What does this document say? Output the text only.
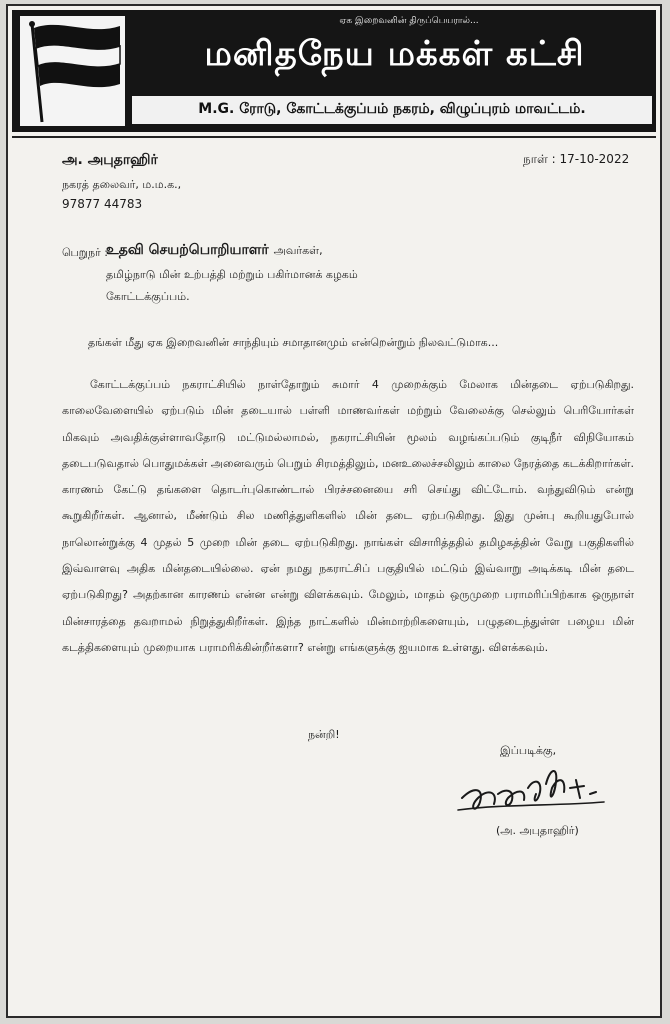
ஏக இறைவனின் திருப்பெயரால்...
மனிதநேய மக்கள் கட்சி
M.G. ரோடு, கோட்டக்குப்பம் நகரம், விழுப்புரம் மாவட்டம்.
அ. அபுதாஹிர்
நகரத் தலைவர், ம.ம.க.,
97877 44783
நாள் : 17-10-2022
பெறுநர் :
உதவி செயற்பொறியாளர் அவர்கள்,
தமிழ்நாடு மின் உற்பத்தி மற்றும் பகிர்மானக் கழகம்
கோட்டக்குப்பம்.
தங்கள் மீது ஏக இறைவனின் சாந்தியும் சமாதானமும் என்றென்றும் நிலவட்டுமாக...
கோட்டக்குப்பம் நகராட்சியில் நாள்தோறும் சுமார் 4 முறைக்கும் மேலாக மின்தடை ஏற்படுகிறது. காலைவேளையில் ஏற்படும் மின் தடையால் பள்ளி மாணவர்கள் மற்றும் வேலைக்கு செல்லும் பெரியோர்கள் மிகவும் அவதிக்குள்ளாவதோடு மட்டுமல்லாமல், நகராட்சியின் மூலம் வழங்கப்படும் குடிநீர் விநியோகம் தடைபடுவதால் பொதுமக்கள் அனைவரும் பெறும் சிரமத்திலும், மனஉலைச்சலிலும் காலை நேரத்தை கடக்கிறார்கள். காரணம் கேட்டு தங்களை தொடர்புகொண்டால் பிரச்சனையை சரி செய்து விட்டோம். வந்துவிடும் என்று கூறுகிறீர்கள். ஆனால், மீண்டும் சில மணித்துளிகளில் மின் தடை ஏற்படுகிறது. இது முன்பு கூறியதுபோல் நாலொன்றுக்கு 4 முதல் 5 முறை மின் தடை ஏற்படுகிறது. நாங்கள் விசாரித்ததில் தமிழகத்தின் வேறு பகுதிகளில் இவ்வாளவு அதிக மின்தடையில்லை. ஏன் நமது நகராட்சிப் பகுதியில் மட்டும் இவ்வாறு அடிக்கடி மின் தடை ஏற்படுகிறது? அதற்கான காரணம் என்ன என்று விளக்கவும். மேலும், மாதம் ஒருமுறை பராமரிப்பிற்காக ஒருநாள் மின்சாரத்தை தவறாமல் நிறுத்துகிறீர்கள். இந்த நாட்களில் மின்மாற்றிகளையும், பழுதடைந்துள்ள பழைய மின் கடத்திகளையும் முறையாக பராமரிக்கின்றீர்களா? என்று எங்களுக்கு ஐயமாக உள்ளது. விளக்கவும்.
நன்றி!
இப்படிக்கு,
(அ. அபுதாஹிர்)
